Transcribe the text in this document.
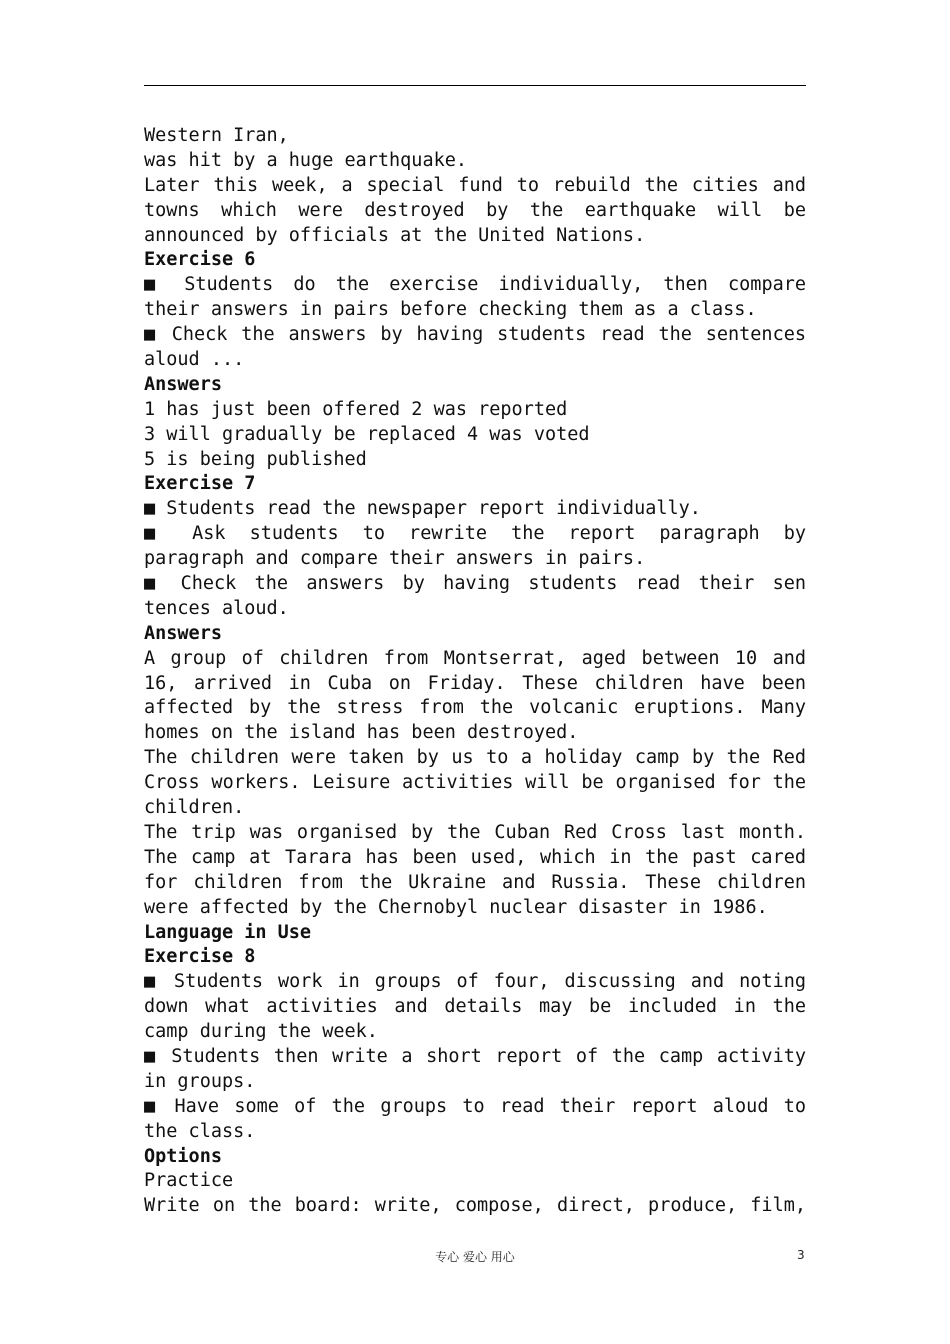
Western Iran,
was hit by a huge earthquake.
Later this week, a special fund to rebuild the cities and
towns which were destroyed by the earthquake will be
announced by officials at the United Nations.
Exercise 6
■ Students do the exercise individually, then compare
their answers in pairs before checking them as a class.
■ Check the answers by having students read the sentences
aloud ...
Answers
1 has just been offered 2 was reported
3 will gradually be replaced 4 was voted
5 is being published
Exercise 7
■ Students read the newspaper report individually.
■ Ask students to rewrite the report paragraph by
paragraph and compare their answers in pairs.
■ Check the answers by having students read their sen
tences aloud.
Answers
A group of children from Montserrat, aged between 10 and
16, arrived in Cuba on Friday. These children have been
affected by the stress from the volcanic eruptions. Many
homes on the island has been destroyed.
The children were taken by us to a holiday camp by the Red
Cross workers. Leisure activities will be organised for the
children.
The trip was organised by the Cuban Red Cross last month.
The camp at Tarara has been used, which in the past cared
for children from the Ukraine and Russia. These children
were affected by the Chernobyl nuclear disaster in 1986.
Language in Use
Exercise 8
■ Students work in groups of four, discussing and noting
down what activities and details may be included in the
camp during the week.
■ Students then write a short report of the camp activity
in groups.
■ Have some of the groups to read their report aloud to
the class.
Options
Practice
Write on the board: write, compose, direct, produce, film,
专心 爱心 用心	3
